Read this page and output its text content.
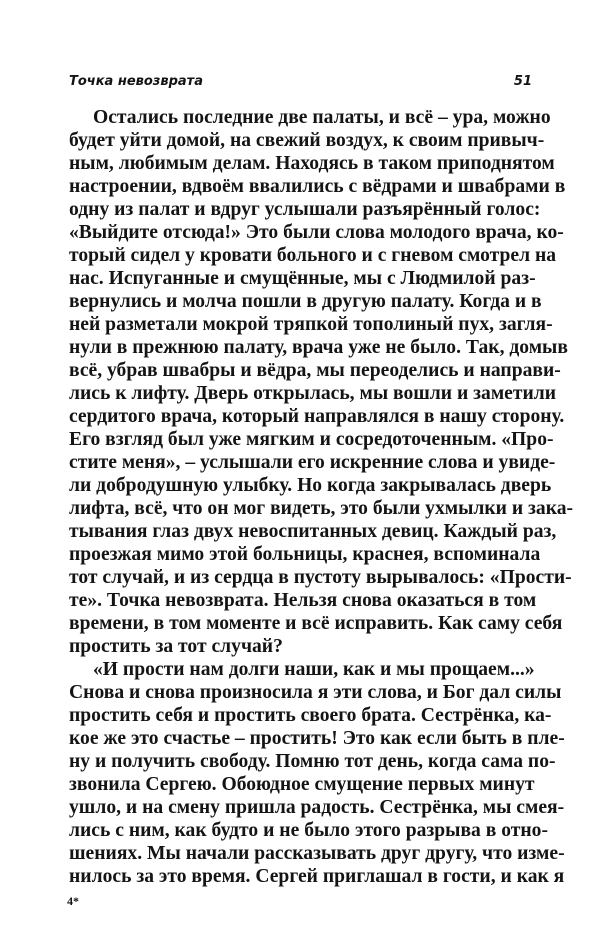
Точка невозврата	51
Остались последние две палаты, и всё – ура, можно
будет уйти домой, на свежий воздух, к своим привыч-
ным, любимым делам. Находясь в таком приподнятом
настроении, вдвоём ввалились с вёдрами и швабрами в
одну из палат и вдруг услышали разъярённый голос:
«Выйдите отсюда!» Это были слова молодого врача, ко-
торый сидел у кровати больного и с гневом смотрел на
нас. Испуганные и смущённые, мы с Людмилой раз-
вернулись и молча пошли в другую палату. Когда и в
ней разметали мокрой тряпкой тополиный пух, загля-
нули в прежнюю палату, врача уже не было. Так, домыв
всё, убрав швабры и вёдра, мы переоделись и направи-
лись к лифту. Дверь открылась, мы вошли и заметили
сердитого врача, который направлялся в нашу сторону.
Его взгляд был уже мягким и сосредоточенным. «Про-
стите меня», – услышали его искренние слова и увиде-
ли добродушную улыбку. Но когда закрывалась дверь
лифта, всё, что он мог видеть, это были ухмылки и зака-
тывания глаз двух невоспитанных девиц. Каждый раз,
проезжая мимо этой больницы, краснея, вспоминала
тот случай, и из сердца в пустоту вырывалось: «Прости-
те». Точка невозврата. Нельзя снова оказаться в том
времени, в том моменте и всё исправить. Как саму себя
простить за тот случай?
«И прости нам долги наши, как и мы прощаем...»
Снова и снова произносила я эти слова, и Бог дал силы
простить себя и простить своего брата. Сестрёнка, ка-
кое же это счастье – простить! Это как если быть в пле-
ну и получить свободу. Помню тот день, когда сама по-
звонила Сергею. Обоюдное смущение первых минут
ушло, и на смену пришла радость. Сестрёнка, мы смея-
лись с ним, как будто и не было этого разрыва в отно-
шениях. Мы начали рассказывать друг другу, что изме-
нилось за это время. Сергей приглашал в гости, и как я
4*
